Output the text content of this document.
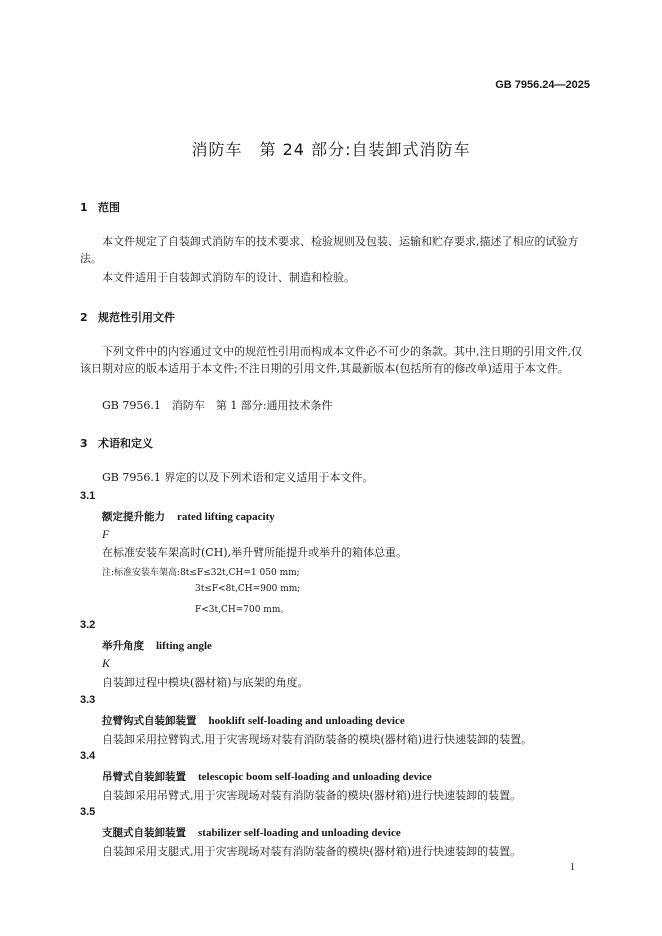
GB 7956.24—2025
消防车　第 24 部分:自装卸式消防车
1 范围
本文件规定了自装卸式消防车的技术要求、检验规则及包装、运输和贮存要求,描述了相应的试验方法。
本文件适用于自装卸式消防车的设计、制造和检验。
2 规范性引用文件
下列文件中的内容通过文中的规范性引用而构成本文件必不可少的条款。其中,注日期的引用文件,仅该日期对应的版本适用于本文件;不注日期的引用文件,其最新版本(包括所有的修改单)适用于本文件。
GB 7956.1　消防车　第 1 部分:通用技术条件
3 术语和定义
GB 7956.1 界定的以及下列术语和定义适用于本文件。
3.1
额定提升能力 rated lifting capacity
F
在标准安装车架高时(CH),举升臂所能提升或举升的箱体总重。
注:标准安装车架高:8t≤F≤32t,CH=1 050 mm;
3t≤F<8t,CH=900 mm;
F<3t,CH=700 mm。
3.2
举升角度 lifting angle
K
自装卸过程中模块(器材箱)与底架的角度。
3.3
拉臂钩式自装卸装置 hooklift self-loading and unloading device
自装卸采用拉臂钩式,用于灾害现场对装有消防装备的模块(器材箱)进行快速装卸的装置。
3.4
吊臂式自装卸装置 telescopic boom self-loading and unloading device
自装卸采用吊臂式,用于灾害现场对装有消防装备的模块(器材箱)进行快速装卸的装置。
3.5
支腿式自装卸装置 stabilizer self-loading and unloading device
自装卸采用支腿式,用于灾害现场对装有消防装备的模块(器材箱)进行快速装卸的装置。
1
